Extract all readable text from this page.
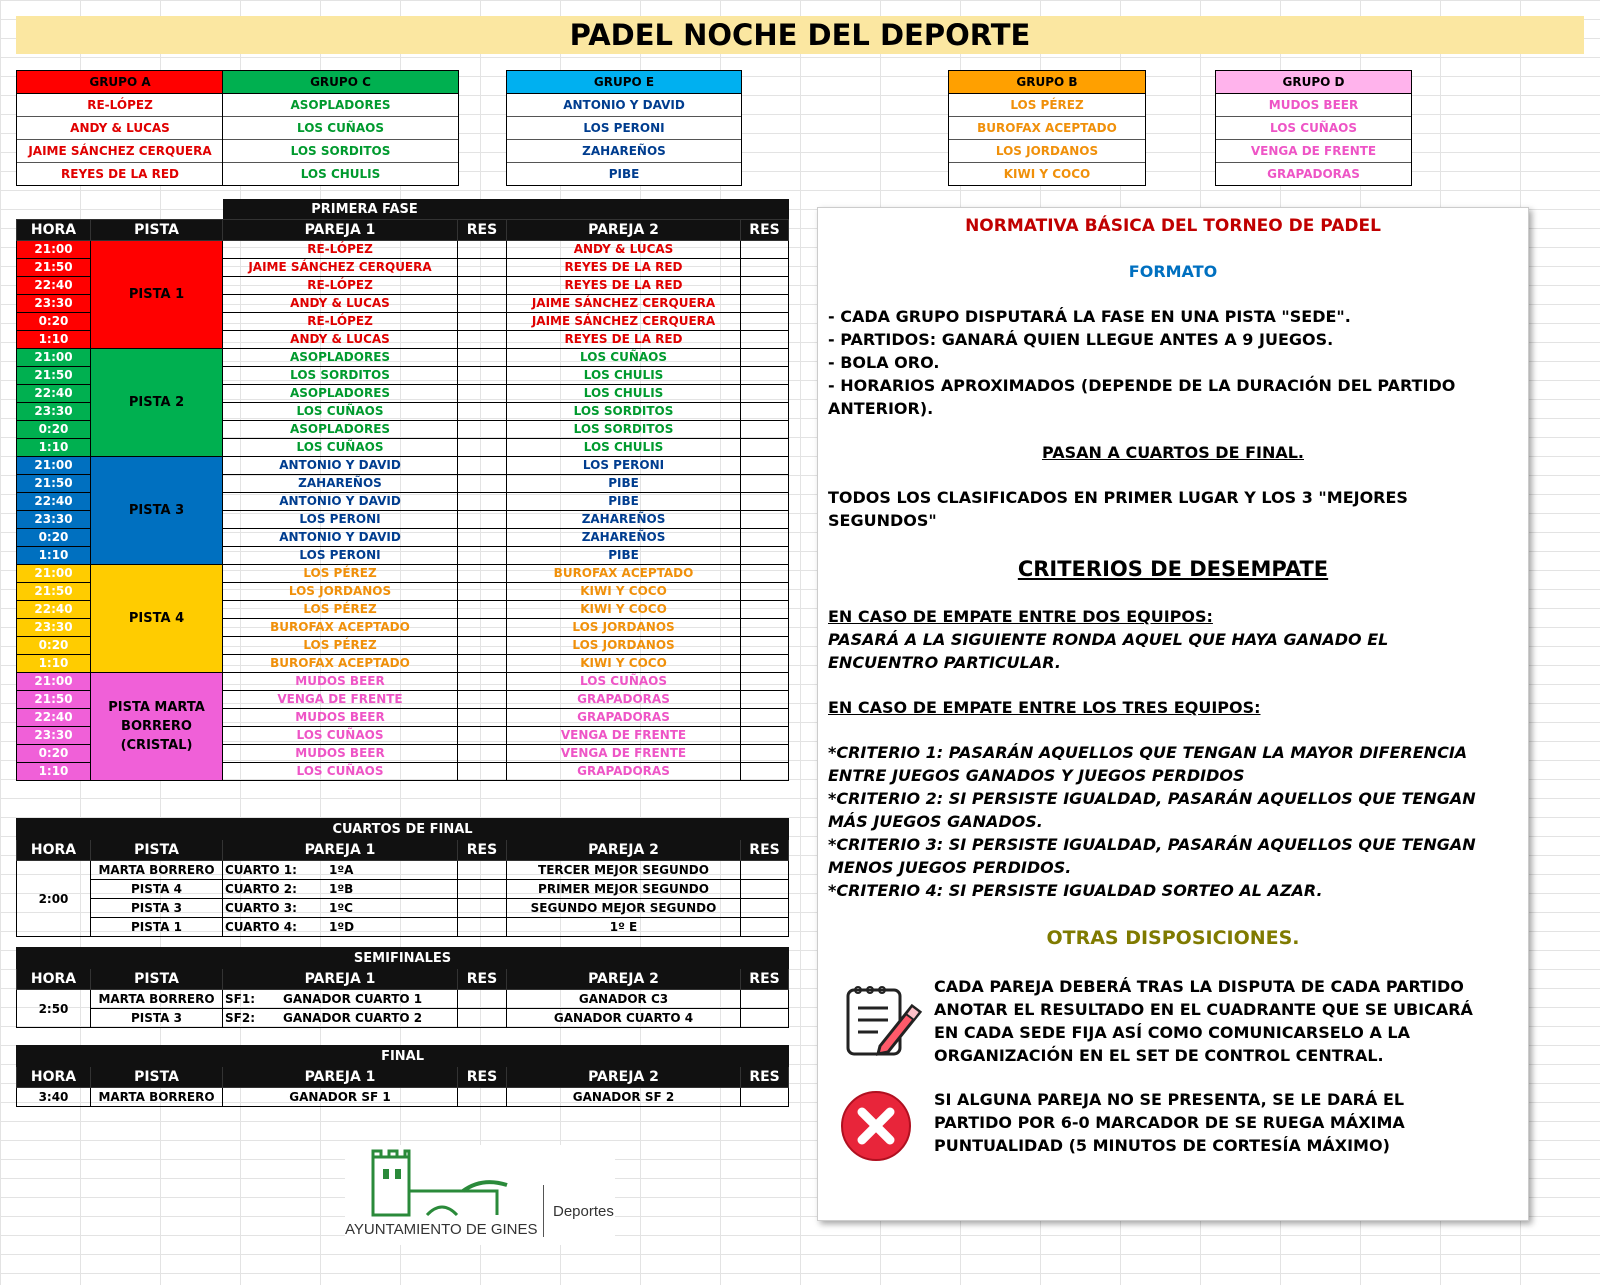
PADEL NOCHE DEL DEPORTE
GRUPO A
RE-LÓPEZ
ANDY & LUCAS
JAIME SÁNCHEZ CERQUERA
REYES DE LA RED
GRUPO C
ASOPLADORES
LOS CUÑAOS
LOS SORDITOS
LOS CHULIS
GRUPO E
ANTONIO Y DAVID
LOS PERONI
ZAHAREÑOS
PIBE
GRUPO B
LOS PÉREZ
BUROFAX ACEPTADO
LOS JORDANOS
KIWI Y COCO
GRUPO D
MUDOS BEER
LOS CUÑAOS
VENGA DE FRENTE
GRAPADORAS
		PRIMERA FASE			
HORA	PISTA	PAREJA 1	RES	PAREJA 2	RES
21:00	PISTA 1	RE-LÓPEZ		ANDY & LUCAS	
21:50		JAIME SÁNCHEZ CERQUERA		REYES DE LA RED	
22:40		RE-LÓPEZ		REYES DE LA RED	
23:30		ANDY & LUCAS		JAIME SÁNCHEZ CERQUERA	
0:20		RE-LÓPEZ		JAIME SÁNCHEZ CERQUERA	
1:10		ANDY & LUCAS		REYES DE LA RED	
21:00	PISTA 2	ASOPLADORES		LOS CUÑAOS	
21:50		LOS SORDITOS		LOS CHULIS	
22:40		ASOPLADORES		LOS CHULIS	
23:30		LOS CUÑAOS		LOS SORDITOS	
0:20		ASOPLADORES		LOS SORDITOS	
1:10		LOS CUÑAOS		LOS CHULIS	
21:00	PISTA 3	ANTONIO Y DAVID		LOS PERONI	
21:50		ZAHAREÑOS		PIBE	
22:40		ANTONIO Y DAVID		PIBE	
23:30		LOS PERONI		ZAHAREÑOS	
0:20		ANTONIO Y DAVID		ZAHAREÑOS	
1:10		LOS PERONI		PIBE	
21:00	PISTA 4	LOS PÉREZ		BUROFAX ACEPTADO	
21:50		LOS JORDANOS		KIWI Y COCO	
22:40		LOS PÉREZ		KIWI Y COCO	
23:30		BUROFAX ACEPTADO		LOS JORDANOS	
0:20		LOS PÉREZ		LOS JORDANOS	
1:10		BUROFAX ACEPTADO		KIWI Y COCO	
21:00	PISTA MARTA BORRERO (CRISTAL)	MUDOS BEER		LOS CUÑAOS	
21:50		VENGA DE FRENTE		GRAPADORAS	
22:40		MUDOS BEER		GRAPADORAS	
23:30		LOS CUÑAOS		VENGA DE FRENTE	
0:20		MUDOS BEER		VENGA DE FRENTE	
1:10		LOS CUÑAOS		GRAPADORAS	
CUARTOS DE FINAL					
HORA	PISTA	PAREJA 1	RES	PAREJA 2	RES
2:00	MARTA BORRERO	CUARTO 1: 1ºA		TERCER MEJOR SEGUNDO	
	PISTA 4	CUARTO 2: 1ºB		PRIMER MEJOR SEGUNDO	
	PISTA 3	CUARTO 3: 1ºC		SEGUNDO MEJOR SEGUNDO	
	PISTA 1	CUARTO 4: 1ºD		1º E	
SEMIFINALES					
HORA	PISTA	PAREJA 1	RES	PAREJA 2	RES
2:50	MARTA BORRERO	SF1: GANADOR CUARTO 1		GANADOR C3	
	PISTA 3	SF2: GANADOR CUARTO 2		GANADOR CUARTO 4	
FINAL					
HORA	PISTA	PAREJA 1	RES	PAREJA 2	RES
3:40	MARTA BORRERO	GANADOR SF 1		GANADOR SF 2	
NORMATIVA BÁSICA DEL TORNEO DE PADEL
FORMATO
- CADA GRUPO DISPUTARÁ LA FASE EN UNA PISTA "SEDE".
- PARTIDOS: GANARÁ QUIEN LLEGUE ANTES A 9 JUEGOS.
- BOLA ORO.
- HORARIOS APROXIMADOS (DEPENDE DE LA DURACIÓN DEL PARTIDO
ANTERIOR).
PASAN A CUARTOS DE FINAL.
TODOS LOS CLASIFICADOS EN PRIMER LUGAR Y LOS 3 "MEJORES
SEGUNDOS"
CRITERIOS DE DESEMPATE
EN CASO DE EMPATE ENTRE DOS EQUIPOS:
PASARÁ A LA SIGUIENTE RONDA AQUEL QUE HAYA GANADO EL
ENCUENTRO PARTICULAR.
EN CASO DE EMPATE ENTRE LOS TRES EQUIPOS:
*CRITERIO 1: PASARÁN AQUELLOS QUE TENGAN LA MAYOR DIFERENCIA
ENTRE JUEGOS GANADOS Y JUEGOS PERDIDOS
*CRITERIO 2: SI PERSISTE IGUALDAD, PASARÁN AQUELLOS QUE TENGAN
MÁS JUEGOS GANADOS.
*CRITERIO 3: SI PERSISTE IGUALDAD, PASARÁN AQUELLOS QUE TENGAN
MENOS JUEGOS PERDIDOS.
*CRITERIO 4: SI PERSISTE IGUALDAD SORTEO AL AZAR.
OTRAS DISPOSICIONES.
CADA PAREJA DEBERÁ TRAS LA DISPUTA DE CADA PARTIDO
ANOTAR EL RESULTADO EN EL CUADRANTE QUE SE UBICARÁ
EN CADA SEDE FIJA ASÍ COMO COMUNICARSELO A LA
ORGANIZACIÓN EN EL SET DE CONTROL CENTRAL.
SI ALGUNA PAREJA NO SE PRESENTA, SE LE DARÁ EL
PARTIDO POR 6-0 MARCADOR DE SE RUEGA MÁXIMA
PUNTUALIDAD (5 MINUTOS DE CORTESÍA MÁXIMO)
AYUNTAMIENTO DE GINES
Deportes
